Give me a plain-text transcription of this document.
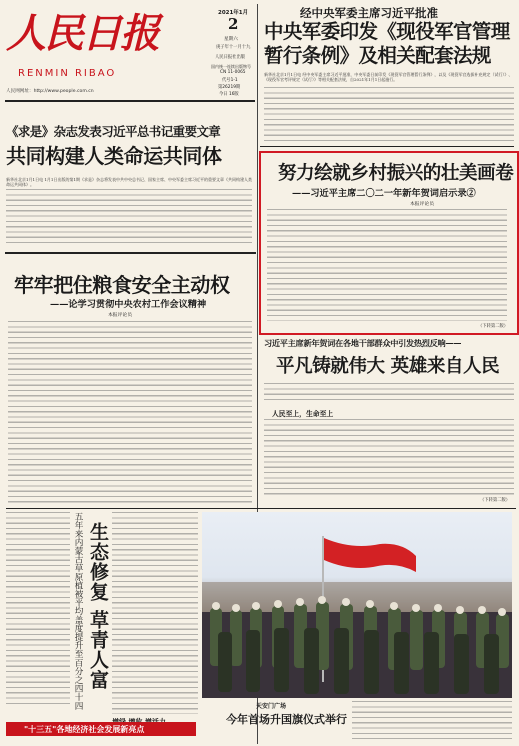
人民日报
RENMIN RIBAO
人民网网址：http://www.people.com.cn
2021年1月
2
星期六
庚子年十一月十九
人民日报社出版
国内统一连续出版物号
CN 11-0065
代号1-1
第26219期
今日 16版
经中央军委主席习近平批准
中央军委印发《现役军官管理
暂行条例》及相关配套法规
新华社北京1月1日电 经中央军委主席习近平批准，中央军委日前印发《现役军官管理暂行条例》，以及《现役军官选拔补充规定（试行）》、《现役军官考评规定（试行）》等相关配套法规，自2021年1月1日起施行。
《求是》杂志发表习近平总书记重要文章
共同构建人类命运共同体
新华社北京1月1日电 1月1日出版的第1期《求是》杂志将发表中共中央总书记、国家主席、中央军委主席习近平的重要文章《共同构建人类命运共同体》。
努力绘就乡村振兴的壮美画卷
——习近平主席二〇二一年新年贺词启示录②
本报评论员
（下转第二版）
牢牢把住粮食安全主动权
——论学习贯彻中央农村工作会议精神
本报评论员
习近平主席新年贺词在各地干部群众中引发热烈反响——
平凡铸就伟大 英雄来自人民
人民至上，生命至上
（下转第二版）
五年来内蒙古草原植被平均盖度提升至百分之四十四 生态修复 草青人富
天安门广场
今年首场升国旗仪式举行
"十三五"各地经济社会发展新亮点
